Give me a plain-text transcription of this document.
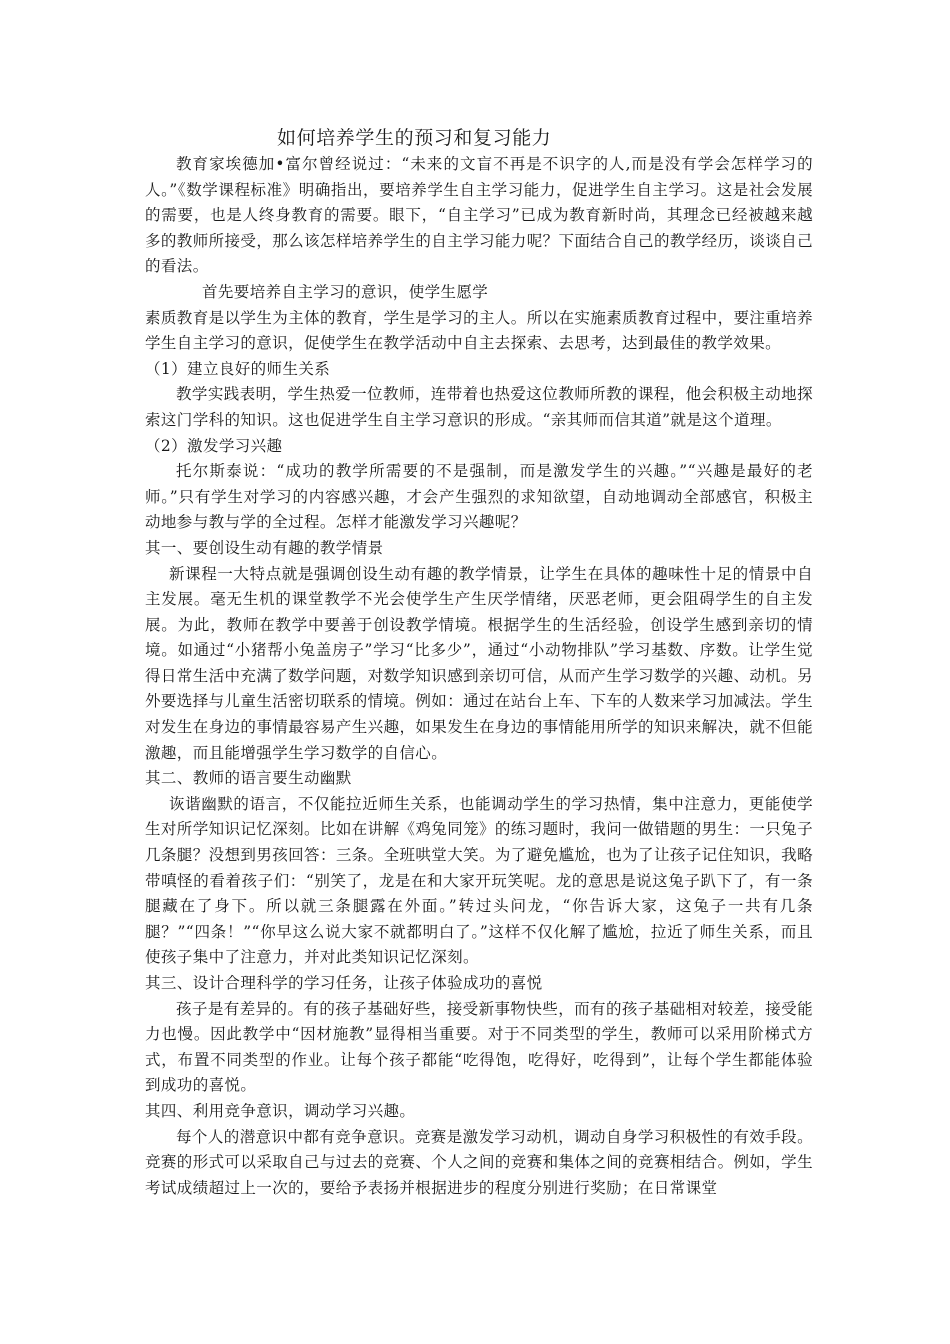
如何培养学生的预习和复习能力

教育家埃德加•富尔曾经说过：“未来的文盲不再是不识字的人,而是没有学会怎样学习的人。”《数学课程标准》明确指出，要培养学生自主学习能力，促进学生自主学习。这是社会发展的需要，也是人终身教育的需要。眼下，“自主学习”已成为教育新时尚，其理念已经被越来越多的教师所接受，那么该怎样培养学生的自主学习能力呢？下面结合自己的教学经历，谈谈自己的看法。

首先要培养自主学习的意识，使学生愿学

素质教育是以学生为主体的教育，学生是学习的主人。所以在实施素质教育过程中，要注重培养学生自主学习的意识，促使学生在教学活动中自主去探索、去思考，达到最佳的教学效果。

（1）建立良好的师生关系

教学实践表明，学生热爱一位教师，连带着也热爱这位教师所教的课程，他会积极主动地探索这门学科的知识。这也促进学生自主学习意识的形成。“亲其师而信其道”就是这个道理。

（2）激发学习兴趣

托尔斯泰说：“成功的教学所需要的不是强制，而是激发学生的兴趣。”“兴趣是最好的老师。”只有学生对学习的内容感兴趣，才会产生强烈的求知欲望，自动地调动全部感官，积极主动地参与教与学的全过程。怎样才能激发学习兴趣呢？

其一、要创设生动有趣的教学情景

新课程一大特点就是强调创设生动有趣的教学情景，让学生在具体的趣味性十足的情景中自主发展。毫无生机的课堂教学不光会使学生产生厌学情绪，厌恶老师，更会阻碍学生的自主发展。为此，教师在教学中要善于创设教学情境。根据学生的生活经验，创设学生感到亲切的情境。如通过“小猪帮小兔盖房子”学习“比多少”，通过“小动物排队”学习基数、序数。让学生觉得日常生活中充满了数学问题，对数学知识感到亲切可信，从而产生学习数学的兴趣、动机。另外要选择与儿童生活密切联系的情境。例如：通过在站台上车、下车的人数来学习加减法。学生对发生在身边的事情最容易产生兴趣，如果发生在身边的事情能用所学的知识来解决，就不但能激趣，而且能增强学生学习数学的自信心。

其二、教师的语言要生动幽默

诙谐幽默的语言，不仅能拉近师生关系，也能调动学生的学习热情，集中注意力，更能使学生对所学知识记忆深刻。比如在讲解《鸡兔同笼》的练习题时，我问一做错题的男生：一只兔子几条腿？没想到男孩回答：三条。全班哄堂大笑。为了避免尴尬，也为了让孩子记住知识，我略带嗔怪的看着孩子们：“别笑了，龙是在和大家开玩笑呢。龙的意思是说这兔子趴下了，有一条腿藏在了身下。所以就三条腿露在外面。”转过头问龙，“你告诉大家，这兔子一共有几条腿？”“四条！”“你早这么说大家不就都明白了。”这样不仅化解了尴尬，拉近了师生关系，而且使孩子集中了注意力，并对此类知识记忆深刻。

其三、设计合理科学的学习任务，让孩子体验成功的喜悦

孩子是有差异的。有的孩子基础好些，接受新事物快些，而有的孩子基础相对较差，接受能力也慢。因此教学中“因材施教”显得相当重要。对于不同类型的学生，教师可以采用阶梯式方式，布置不同类型的作业。让每个孩子都能“吃得饱，吃得好，吃得到”，让每个学生都能体验到成功的喜悦。

其四、利用竞争意识，调动学习兴趣。

每个人的潜意识中都有竞争意识。竞赛是激发学习动机，调动自身学习积极性的有效手段。竞赛的形式可以采取自己与过去的竞赛、个人之间的竞赛和集体之间的竞赛相结合。例如，学生考试成绩超过上一次的，要给予表扬并根据进步的程度分别进行奖励；在日常课堂
